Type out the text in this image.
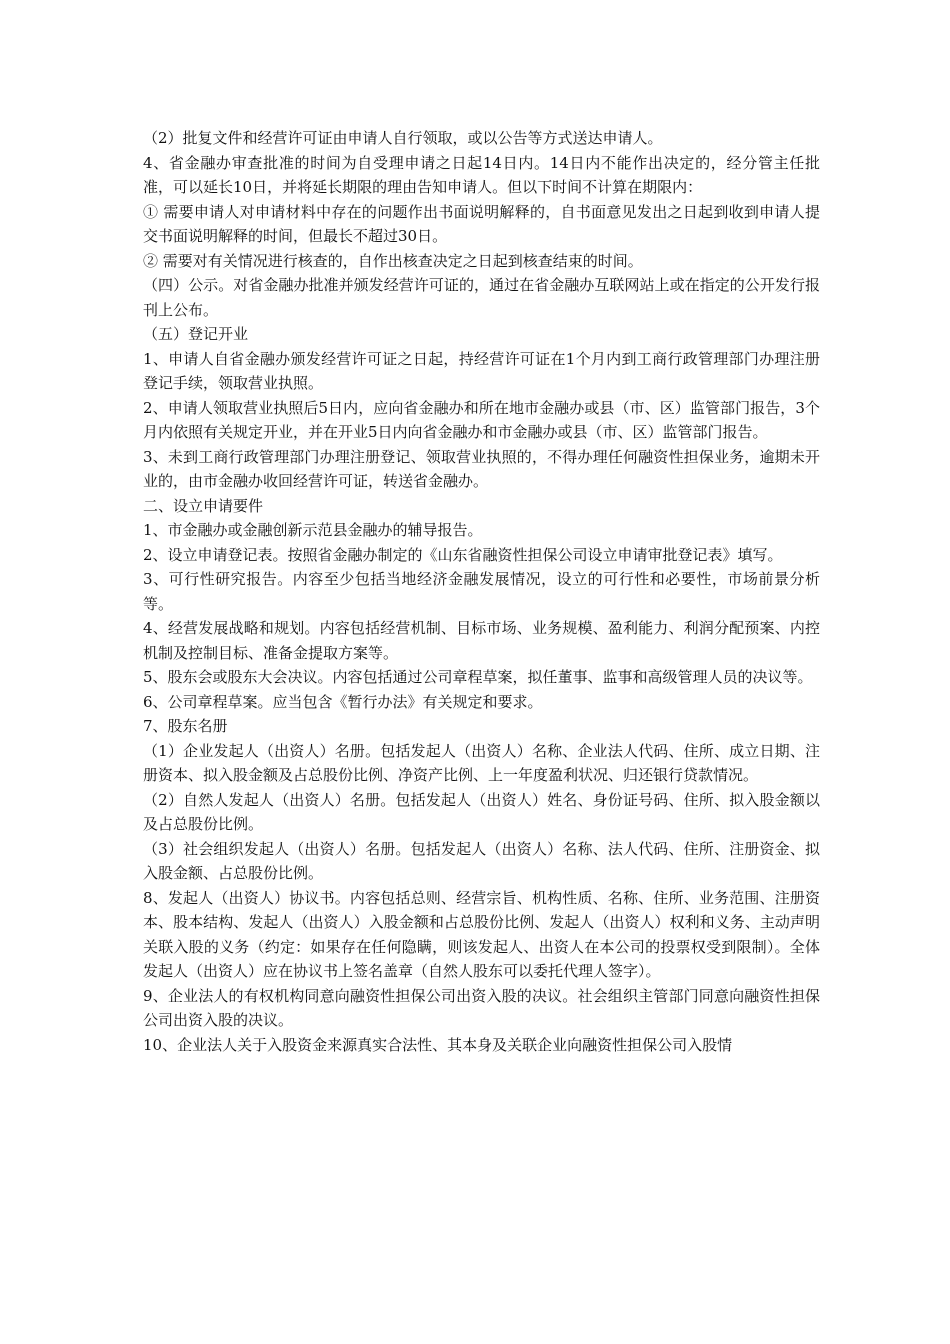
（2）批复文件和经营许可证由申请人自行领取，或以公告等方式送达申请人。

4、省金融办审查批准的时间为自受理申请之日起14日内。14日内不能作出决定的，经分管主任批准，可以延长10日，并将延长期限的理由告知申请人。但以下时间不计算在期限内：

① 需要申请人对申请材料中存在的问题作出书面说明解释的，自书面意见发出之日起到收到申请人提交书面说明解释的时间，但最长不超过30日。

② 需要对有关情况进行核查的，自作出核查决定之日起到核查结束的时间。

（四）公示。对省金融办批准并颁发经营许可证的，通过在省金融办互联网站上或在指定的公开发行报刊上公布。

（五）登记开业

1、申请人自省金融办颁发经营许可证之日起，持经营许可证在1个月内到工商行政管理部门办理注册登记手续，领取营业执照。

2、申请人领取营业执照后5日内，应向省金融办和所在地市金融办或县（市、区）监管部门报告，3个月内依照有关规定开业，并在开业5日内向省金融办和市金融办或县（市、区）监管部门报告。

3、未到工商行政管理部门办理注册登记、领取营业执照的，不得办理任何融资性担保业务，逾期未开业的，由市金融办收回经营许可证，转送省金融办。

二、设立申请要件

1、市金融办或金融创新示范县金融办的辅导报告。

2、设立申请登记表。按照省金融办制定的《山东省融资性担保公司设立申请审批登记表》填写。

3、可行性研究报告。内容至少包括当地经济金融发展情况，设立的可行性和必要性，市场前景分析等。

4、经营发展战略和规划。内容包括经营机制、目标市场、业务规模、盈利能力、利润分配预案、内控机制及控制目标、准备金提取方案等。

5、股东会或股东大会决议。内容包括通过公司章程草案，拟任董事、监事和高级管理人员的决议等。

6、公司章程草案。应当包含《暂行办法》有关规定和要求。

7、股东名册

（1）企业发起人（出资人）名册。包括发起人（出资人）名称、企业法人代码、住所、成立日期、注册资本、拟入股金额及占总股份比例、净资产比例、上一年度盈利状况、归还银行贷款情况。

（2）自然人发起人（出资人）名册。包括发起人（出资人）姓名、身份证号码、住所、拟入股金额以及占总股份比例。

（3）社会组织发起人（出资人）名册。包括发起人（出资人）名称、法人代码、住所、注册资金、拟入股金额、占总股份比例。

8、发起人（出资人）协议书。内容包括总则、经营宗旨、机构性质、名称、住所、业务范围、注册资本、股本结构、发起人（出资人）入股金额和占总股份比例、发起人（出资人）权利和义务、主动声明关联入股的义务（约定：如果存在任何隐瞒，则该发起人、出资人在本公司的投票权受到限制）。全体发起人（出资人）应在协议书上签名盖章（自然人股东可以委托代理人签字）。

9、企业法人的有权机构同意向融资性担保公司出资入股的决议。社会组织主管部门同意向融资性担保公司出资入股的决议。

10、企业法人关于入股资金来源真实合法性、其本身及关联企业向融资性担保公司入股情
